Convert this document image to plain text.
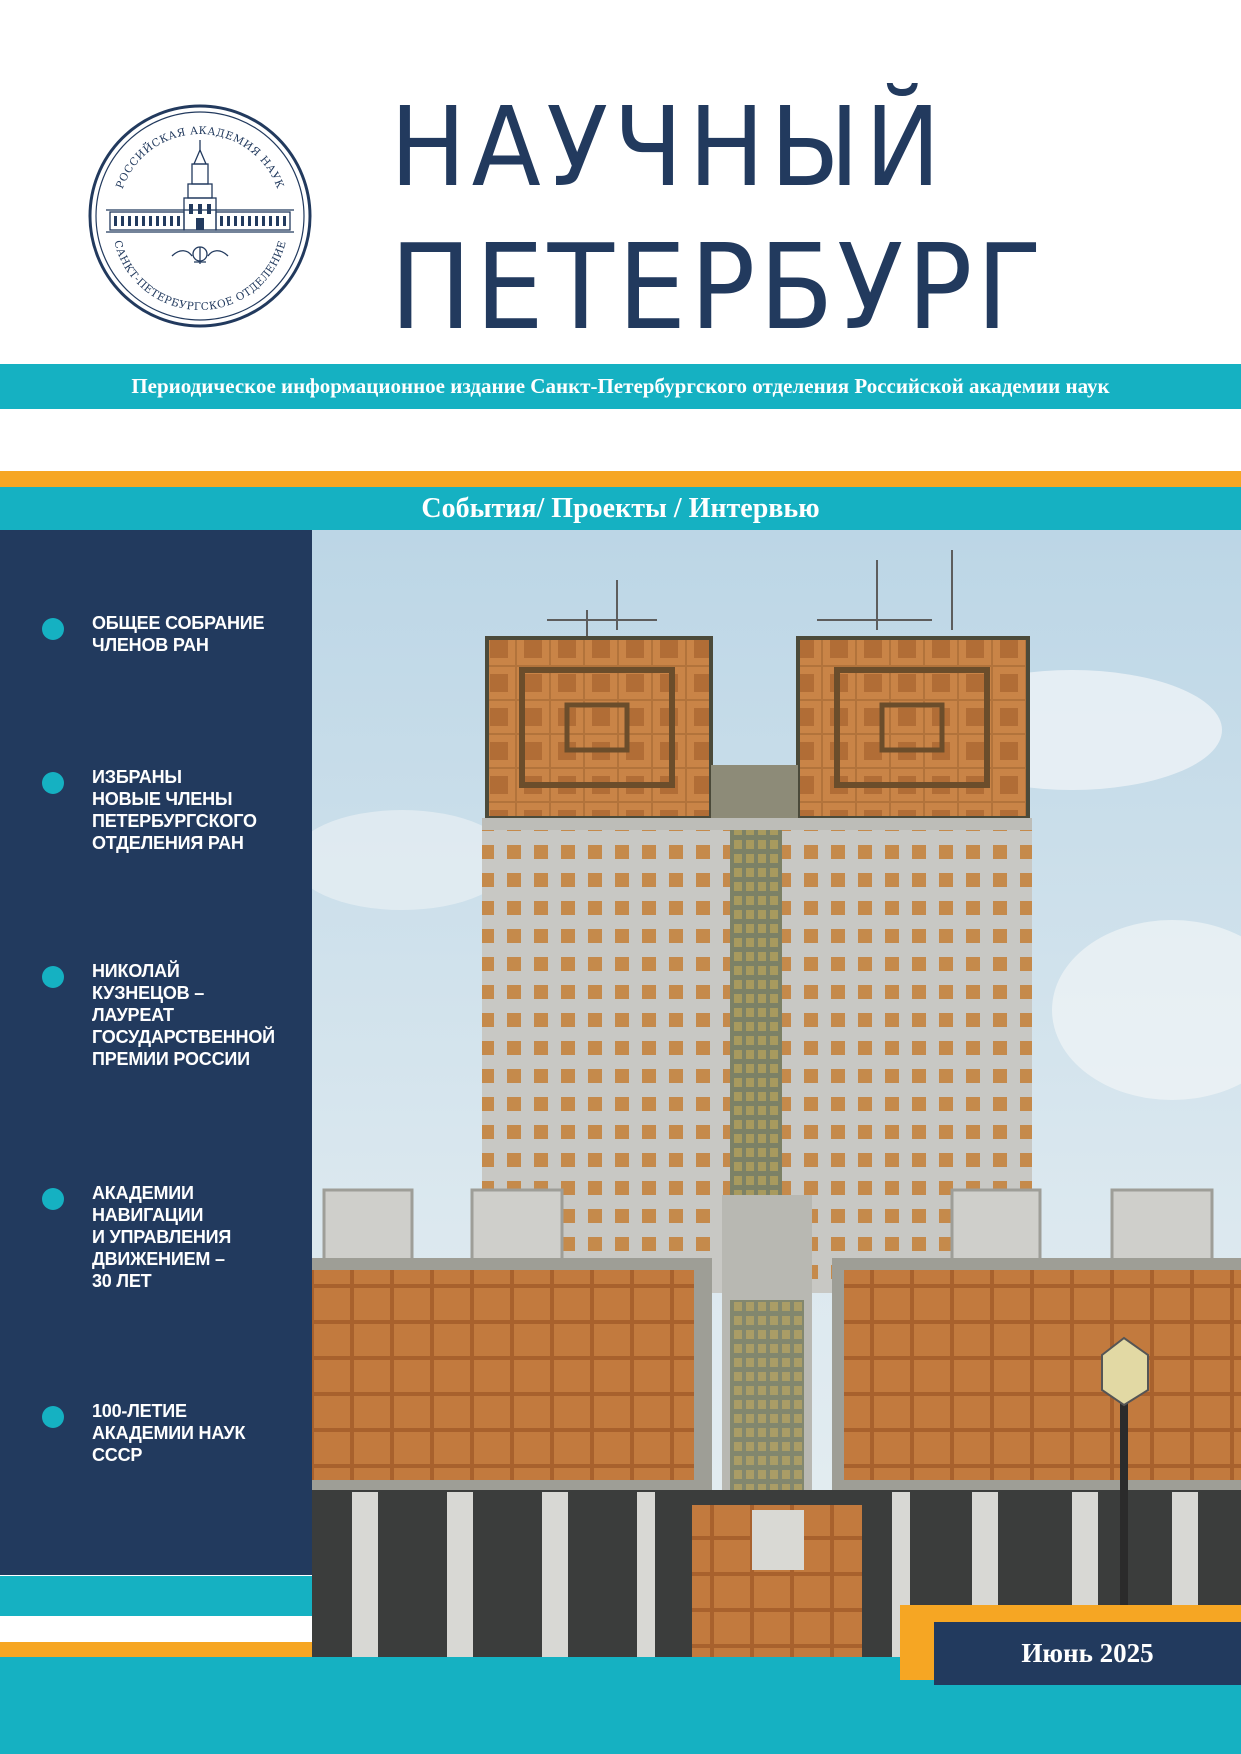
РОССИЙСКАЯ АКАДЕМИЯ НАУК
САНКТ-ПЕТЕРБУРГСКОЕ ОТДЕЛЕНИЕ
НАУЧНЫЙ
ПЕТЕРБУРГ
Периодическое информационное издание Санкт-Петербургского отделения Российской академии наук
События/ Проекты / Интервью
ОБЩЕЕ СОБРАНИЕ
ЧЛЕНОВ РАН
ИЗБРАНЫ
НОВЫЕ ЧЛЕНЫ
ПЕТЕРБУРГСКОГО
ОТДЕЛЕНИЯ РАН
НИКОЛАЙ
КУЗНЕЦОВ –
ЛАУРЕАТ
ГОСУДАРСТВЕННОЙ
ПРЕМИИ РОССИИ
АКАДЕМИИ
НАВИГАЦИИ
И УПРАВЛЕНИЯ
ДВИЖЕНИЕМ –
30 ЛЕТ
100-ЛЕТИЕ
АКАДЕМИИ НАУК
СССР
Июнь 2025
